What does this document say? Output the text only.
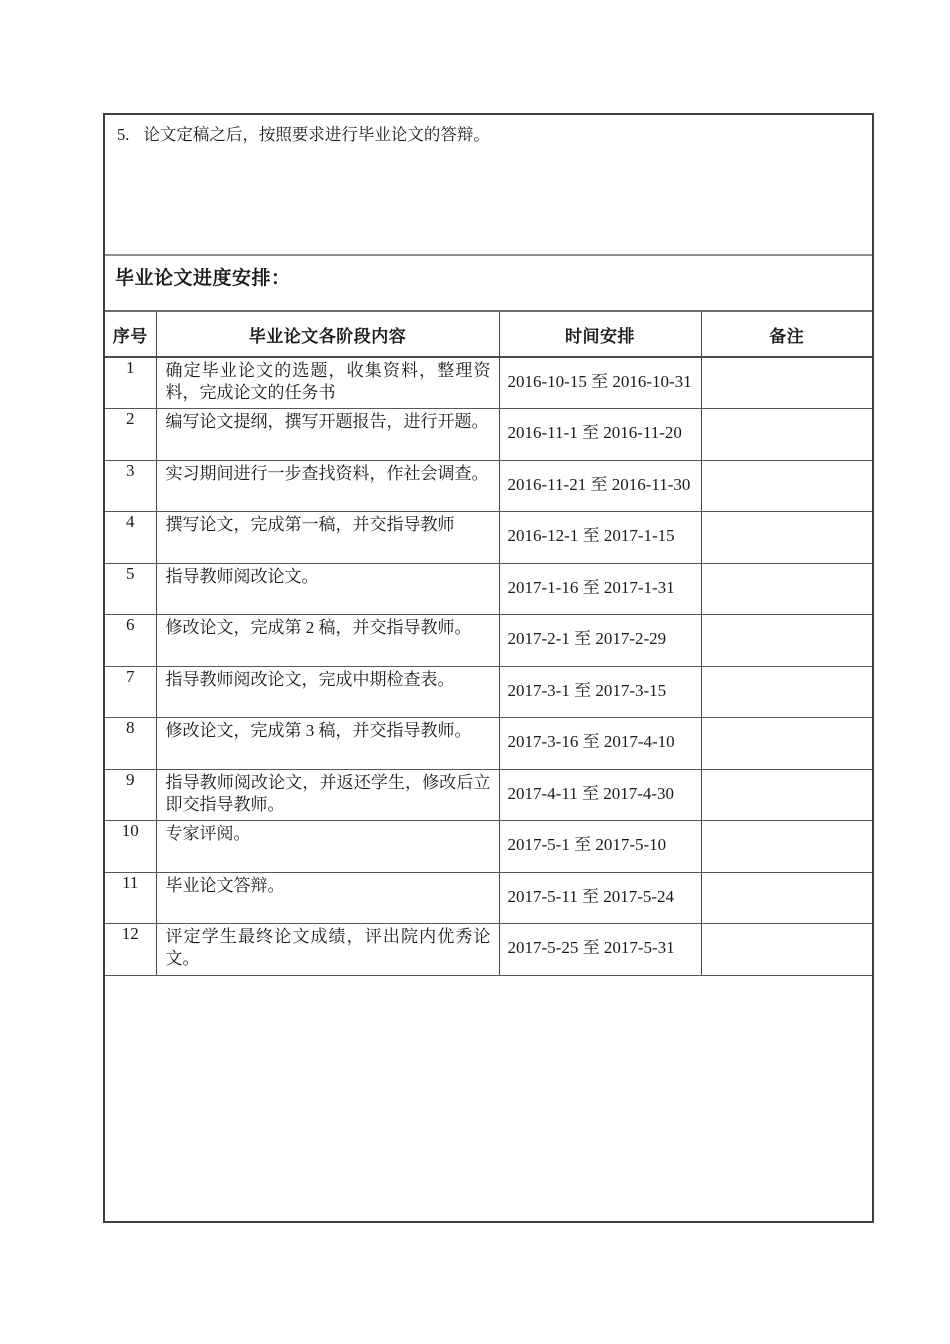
5. 论文定稿之后，按照要求进行毕业论文的答辩。
毕业论文进度安排：
序号	毕业论文各阶段内容	时间安排	备注
1	确定毕业论文的选题，收集资料，整理资料，完成论文的任务书	2016-10-15 至 2016-10-31	
2	编写论文提纲，撰写开题报告，进行开题。	2016-11-1 至 2016-11-20	
3	实习期间进行一步查找资料，作社会调查。	2016-11-21 至 2016-11-30	
4	撰写论文，完成第一稿，并交指导教师	2016-12-1 至 2017-1-15	
5	指导教师阅改论文。	2017-1-16 至 2017-1-31	
6	修改论文，完成第 2 稿，并交指导教师。	2017-2-1 至 2017-2-29	
7	指导教师阅改论文，完成中期检查表。	2017-3-1 至 2017-3-15	
8	修改论文，完成第 3 稿，并交指导教师。	2017-3-16 至 2017-4-10	
9	指导教师阅改论文，并返还学生，修改后立即交指导教师。	2017-4-11 至 2017-4-30	
10	专家评阅。	2017-5-1 至 2017-5-10	
11	毕业论文答辩。	2017-5-11 至 2017-5-24	
12	评定学生最终论文成绩，评出院内优秀论文。	2017-5-25 至 2017-5-31	
